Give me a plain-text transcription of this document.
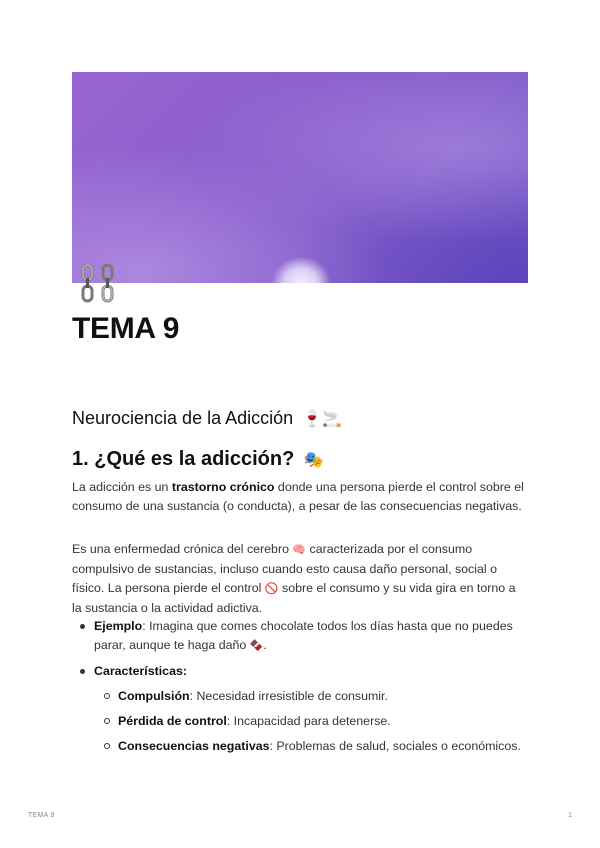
TEMA 9
Neurociencia de la Adicción 🍷🚬
1. ¿Qué es la adicción? 🎭

La adicción es un trastorno crónico donde una persona pierde el control sobre el consumo de una sustancia (o conducta), a pesar de las consecuencias negativas.

Es una enfermedad crónica del cerebro 🧠 caracterizada por el consumo compulsivo de sustancias, incluso cuando esto causa daño personal, social o físico. La persona pierde el control 🚫 sobre el consumo y su vida gira en torno a la sustancia o la actividad adictiva.

Ejemplo: Imagina que comes chocolate todos los días hasta que no puedes parar, aunque te haga daño 🍫.
Características:
Compulsión: Necesidad irresistible de consumir.
Pérdida de control: Incapacidad para detenerse.
Consecuencias negativas: Problemas de salud, sociales o económicos.
TEMA 9	1
